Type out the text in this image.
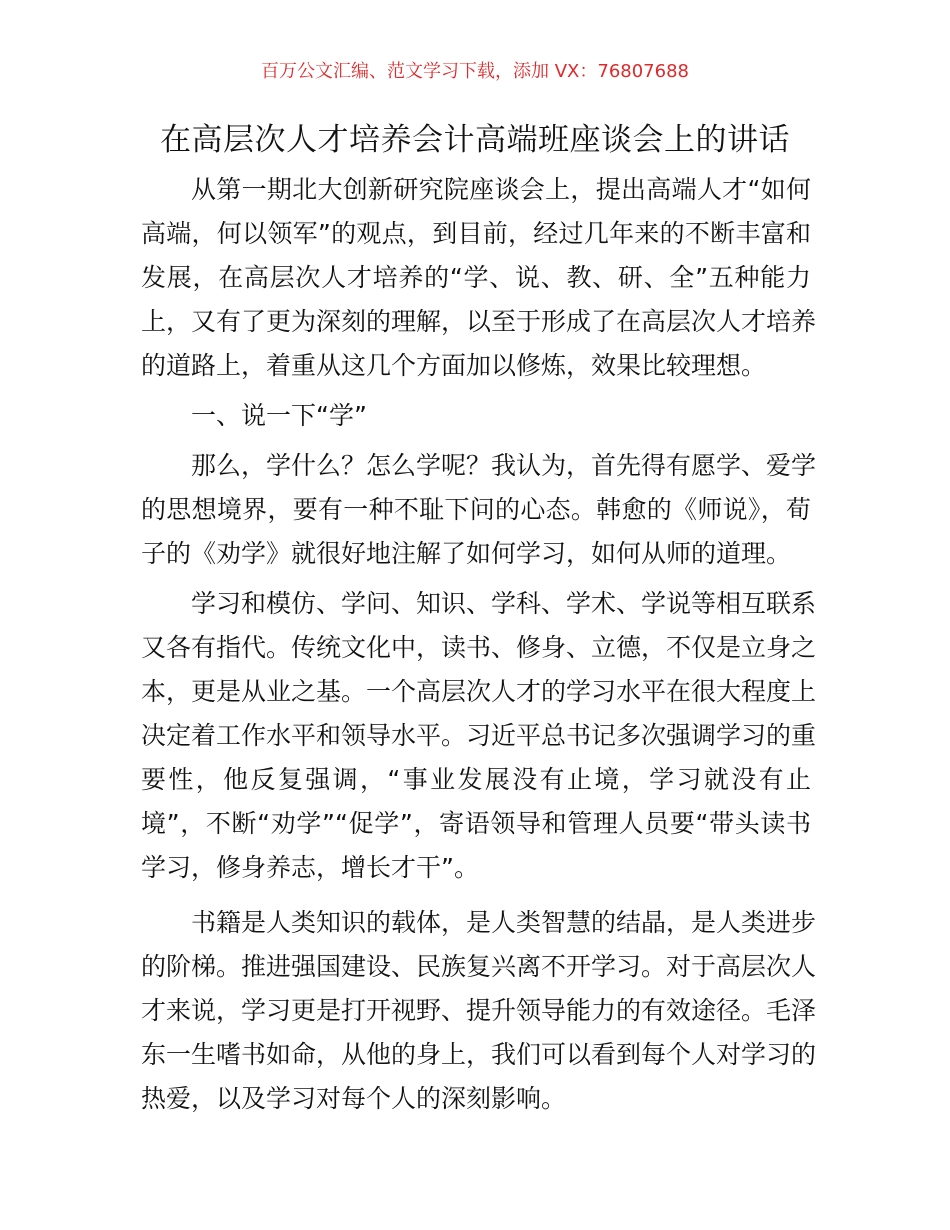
百万公文汇编、范文学习下载，添加 VX：76807688
在高层次人才培养会计高端班座谈会上的讲话
从第一期北大创新研究院座谈会上，提出高端人才“如何
高端，何以领军”的观点，到目前，经过几年来的不断丰富和
发展，在高层次人才培养的“学、说、教、研、全”五种能力
上，又有了更为深刻的理解，以至于形成了在高层次人才培养
的道路上，着重从这几个方面加以修炼，效果比较理想。
一、说一下“学”
那么，学什么？怎么学呢？我认为，首先得有愿学、爱学
的思想境界，要有一种不耻下问的心态。韩愈的《师说》，荀
子的《劝学》就很好地注解了如何学习，如何从师的道理。
学习和模仿、学问、知识、学科、学术、学说等相互联系
又各有指代。传统文化中，读书、修身、立德，不仅是立身之
本，更是从业之基。一个高层次人才的学习水平在很大程度上
决定着工作水平和领导水平。习近平总书记多次强调学习的重
要性，他反复强调，“事业发展没有止境，学习就没有止
境”，不断“劝学”“促学”，寄语领导和管理人员要“带头读书
学习，修身养志，增长才干”。
书籍是人类知识的载体，是人类智慧的结晶，是人类进步
的阶梯。推进强国建设、民族复兴离不开学习。对于高层次人
才来说，学习更是打开视野、提升领导能力的有效途径。毛泽
东一生嗜书如命，从他的身上，我们可以看到每个人对学习的
热爱，以及学习对每个人的深刻影响。
